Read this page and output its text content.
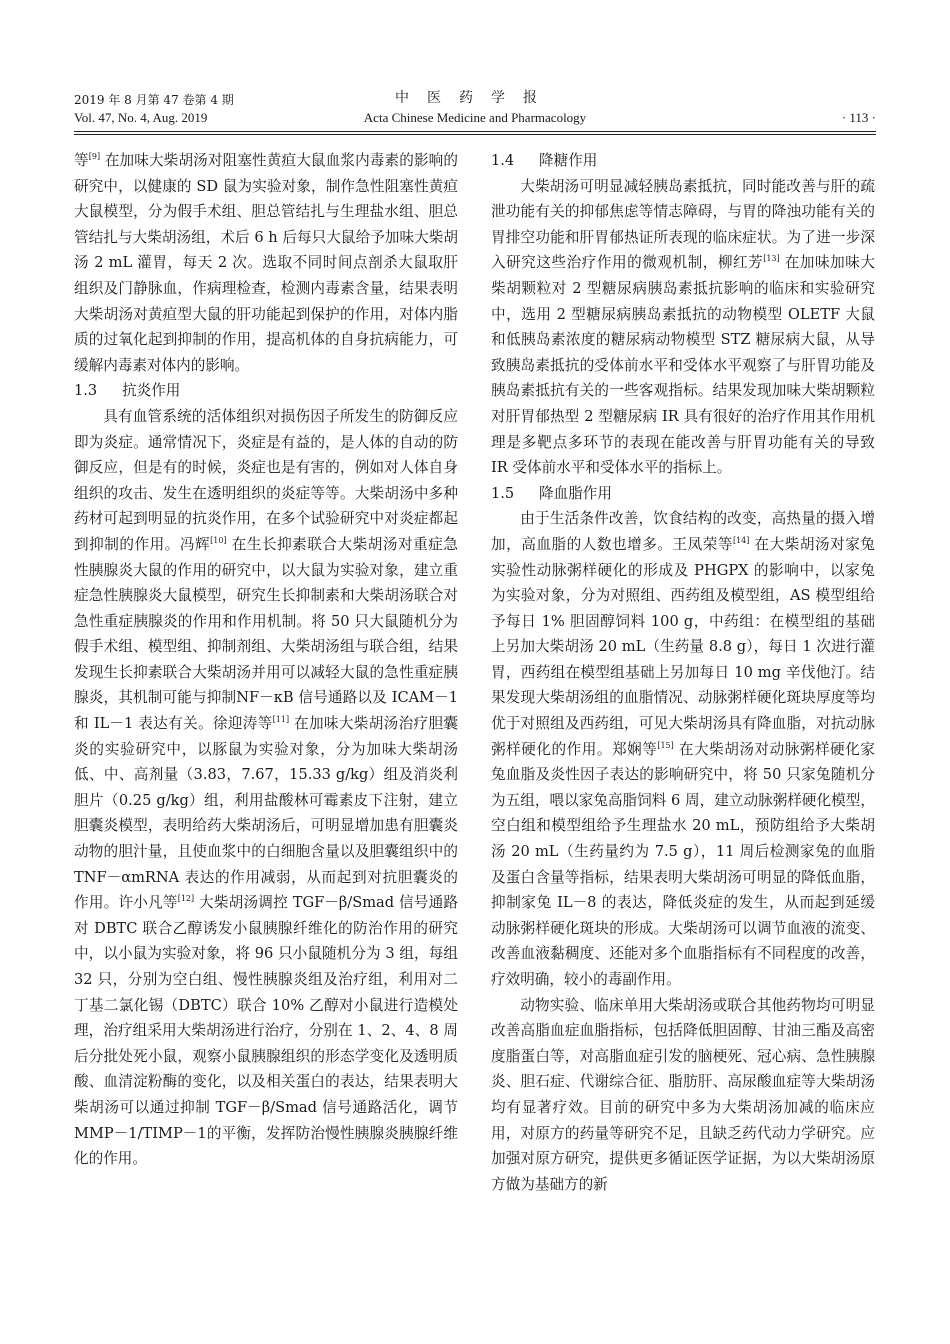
2019 年 8 月第 47 卷第 4 期
Vol. 47, No. 4, Aug. 2019
中医药学报
Acta Chinese Medicine and Pharmacology	· 113 ·

等[9] 在加味大柴胡汤对阻塞性黄疸大鼠血浆内毒素的影响的研究中，以健康的 SD 鼠为实验对象，制作急性阻塞性黄疸大鼠模型，分为假手术组、胆总管结扎与生理盐水组、胆总管结扎与大柴胡汤组，术后 6 h 后每只大鼠给予加味大柴胡汤 2 mL 灌胃，每天 2 次。选取不同时间点剖杀大鼠取肝组织及门静脉血，作病理检查，检测内毒素含量，结果表明大柴胡汤对黄疸型大鼠的肝功能起到保护的作用，对体内脂质的过氧化起到抑制的作用，提高机体的自身抗病能力，可缓解内毒素对体内的影响。

1.3 抗炎作用

具有血管系统的活体组织对损伤因子所发生的防御反应即为炎症。通常情况下，炎症是有益的，是人体的自动的防御反应，但是有的时候，炎症也是有害的，例如对人体自身组织的攻击、发生在透明组织的炎症等等。大柴胡汤中多种药材可起到明显的抗炎作用，在多个试验研究中对炎症都起到抑制的作用。冯辉[10] 在生长抑素联合大柴胡汤对重症急性胰腺炎大鼠的作用的研究中，以大鼠为实验对象，建立重症急性胰腺炎大鼠模型，研究生长抑制素和大柴胡汤联合对急性重症胰腺炎的作用和作用机制。将 50 只大鼠随机分为假手术组、模型组、抑制剂组、大柴胡汤组与联合组，结果发现生长抑素联合大柴胡汤并用可以减轻大鼠的急性重症胰腺炎，其机制可能与抑制NF－κB 信号通路以及 ICAM－1 和 IL－1 表达有关。徐迎涛等[11] 在加味大柴胡汤治疗胆囊炎的实验研究中，以豚鼠为实验对象，分为加味大柴胡汤低、中、高剂量（3.83，7.67，15.33 g/kg）组及消炎利胆片（0.25 g/kg）组，利用盐酸林可霉素皮下注射，建立胆囊炎模型，表明给药大柴胡汤后，可明显增加患有胆囊炎动物的胆汁量，且使血浆中的白细胞含量以及胆囊组织中的 TNF－αmRNA 表达的作用减弱，从而起到对抗胆囊炎的作用。许小凡等[12] 大柴胡汤调控 TGF－β/Smad 信号通路对 DBTC 联合乙醇诱发小鼠胰腺纤维化的防治作用的研究中，以小鼠为实验对象，将 96 只小鼠随机分为 3 组，每组 32 只，分别为空白组、慢性胰腺炎组及治疗组，利用对二丁基二氯化锡（DBTC）联合 10% 乙醇对小鼠进行造模处理，治疗组采用大柴胡汤进行治疗，分别在 1、2、4、8 周后分批处死小鼠，观察小鼠胰腺组织的形态学变化及透明质酸、血清淀粉酶的变化，以及相关蛋白的表达，结果表明大柴胡汤可以通过抑制 TGF－β/Smad 信号通路活化，调节 MMP－1/TIMP－1的平衡，发挥防治慢性胰腺炎胰腺纤维化的作用。

1.4 降糖作用

大柴胡汤可明显减轻胰岛素抵抗，同时能改善与肝的疏泄功能有关的抑郁焦虑等情志障碍，与胃的降浊功能有关的胃排空功能和肝胃郁热证所表现的临床症状。为了进一步深入研究这些治疗作用的微观机制，柳红芳[13] 在加味加味大柴胡颗粒对 2 型糖尿病胰岛素抵抗影响的临床和实验研究中，选用 2 型糖尿病胰岛素抵抗的动物模型 OLETF 大鼠和低胰岛素浓度的糖尿病动物模型 STZ 糖尿病大鼠，从导致胰岛素抵抗的受体前水平和受体水平观察了与肝胃功能及胰岛素抵抗有关的一些客观指标。结果发现加味大柴胡颗粒对肝胃郁热型 2 型糖尿病 IR 具有很好的治疗作用其作用机理是多靶点多环节的表现在能改善与肝胃功能有关的导致 IR 受体前水平和受体水平的指标上。

1.5 降血脂作用

由于生活条件改善，饮食结构的改变，高热量的摄入增加，高血脂的人数也增多。王凤荣等[14] 在大柴胡汤对家兔实验性动脉粥样硬化的形成及 PHGPX 的影响中，以家兔为实验对象，分为对照组、西药组及模型组，AS 模型组给予每日 1% 胆固醇饲料 100 g，中药组：在模型组的基础上另加大柴胡汤 20 mL（生药量 8.8 g），每日 1 次进行灌胃，西药组在模型组基础上另加每日 10 mg 辛伐他汀。结果发现大柴胡汤组的血脂情况、动脉粥样硬化斑块厚度等均优于对照组及西药组，可见大柴胡汤具有降血脂，对抗动脉粥样硬化的作用。郑娴等[15] 在大柴胡汤对动脉粥样硬化家兔血脂及炎性因子表达的影响研究中，将 50 只家兔随机分为五组，喂以家兔高脂饲料 6 周，建立动脉粥样硬化模型，空白组和模型组给予生理盐水 20 mL，预防组给予大柴胡汤 20 mL（生药量约为 7.5 g），11 周后检测家兔的血脂及蛋白含量等指标，结果表明大柴胡汤可明显的降低血脂，抑制家兔 IL－8 的表达，降低炎症的发生，从而起到延缓动脉粥样硬化斑块的形成。大柴胡汤可以调节血液的流变、改善血液黏稠度、还能对多个血脂指标有不同程度的改善，疗效明确，较小的毒副作用。

动物实验、临床单用大柴胡汤或联合其他药物均可明显改善高脂血症血脂指标，包括降低胆固醇、甘油三酯及高密度脂蛋白等，对高脂血症引发的脑梗死、冠心病、急性胰腺炎、胆石症、代谢综合征、脂肪肝、高尿酸血症等大柴胡汤均有显著疗效。目前的研究中多为大柴胡汤加减的临床应用，对原方的药量等研究不足，且缺乏药代动力学研究。应加强对原方研究，提供更多循证医学证据，为以大柴胡汤原方做为基础方的新
